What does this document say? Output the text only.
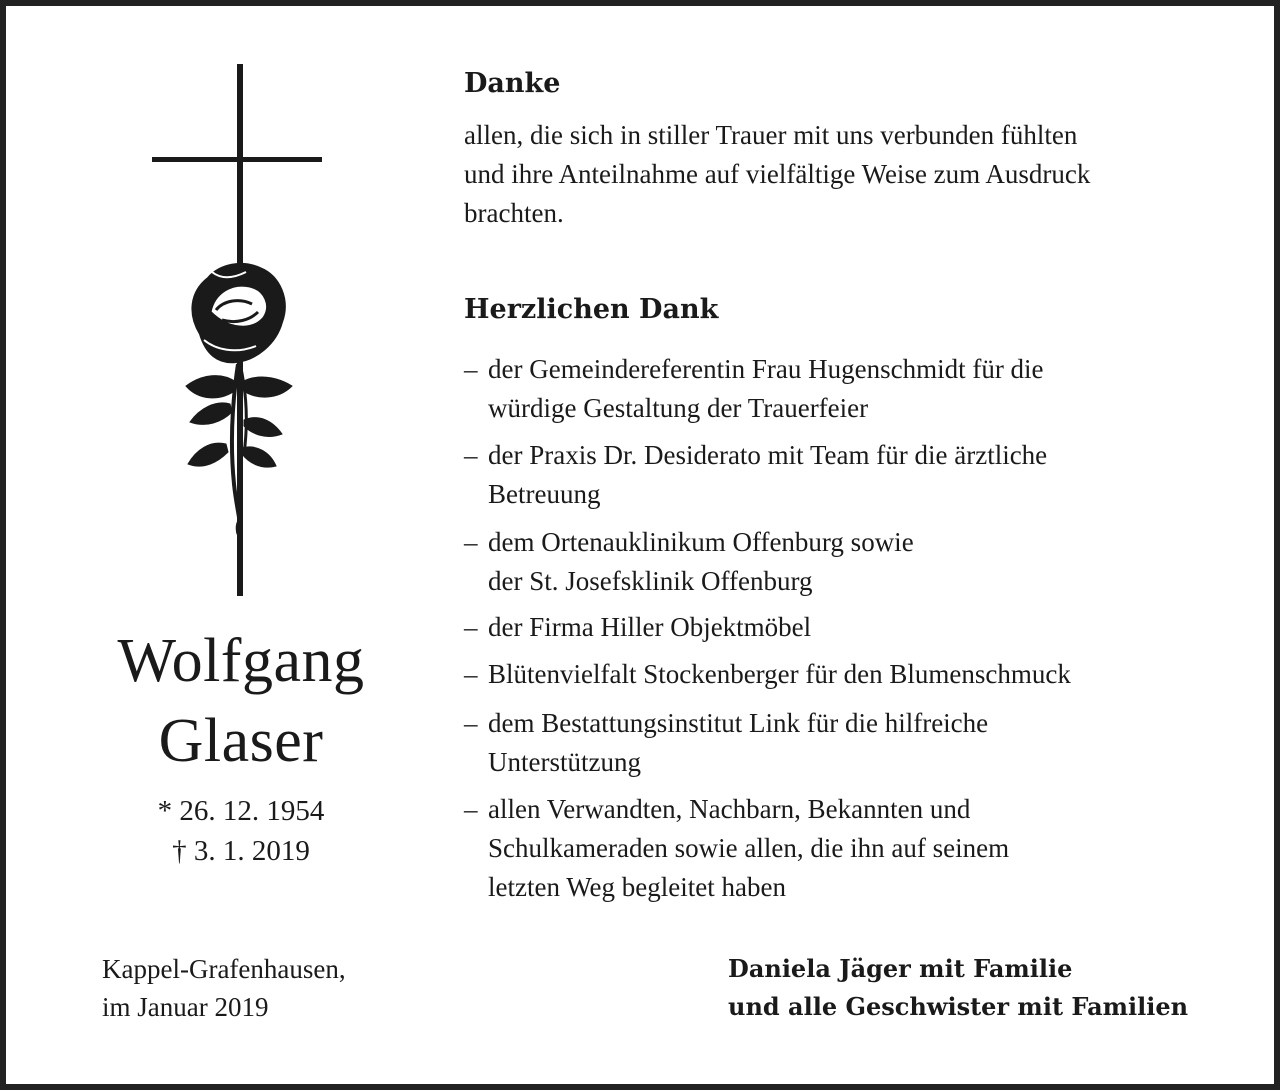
Wolfgang
Glaser
* 26. 12. 1954
† 3. 1. 2019
Kappel-Grafenhausen,
im Januar 2019
Danke
allen, die sich in stiller Trauer mit uns verbunden fühlten
und ihre Anteilnahme auf vielfältige Weise zum Ausdruck
brachten.
Herzlichen Dank
– der Gemeindereferentin Frau Hugenschmidt für die
würdige Gestaltung der Trauerfeier
– der Praxis Dr. Desiderato mit Team für die ärztliche
Betreuung
– dem Ortenauklinikum Offenburg sowie
der St. Josefsklinik Offenburg
– der Firma Hiller Objektmöbel
– Blütenvielfalt Stockenberger für den Blumenschmuck
– dem Bestattungsinstitut Link für die hilfreiche
Unterstützung
– allen Verwandten, Nachbarn, Bekannten und
Schulkameraden sowie allen, die ihn auf seinem
letzten Weg begleitet haben
Daniela Jäger mit Familie
und alle Geschwister mit Familien
